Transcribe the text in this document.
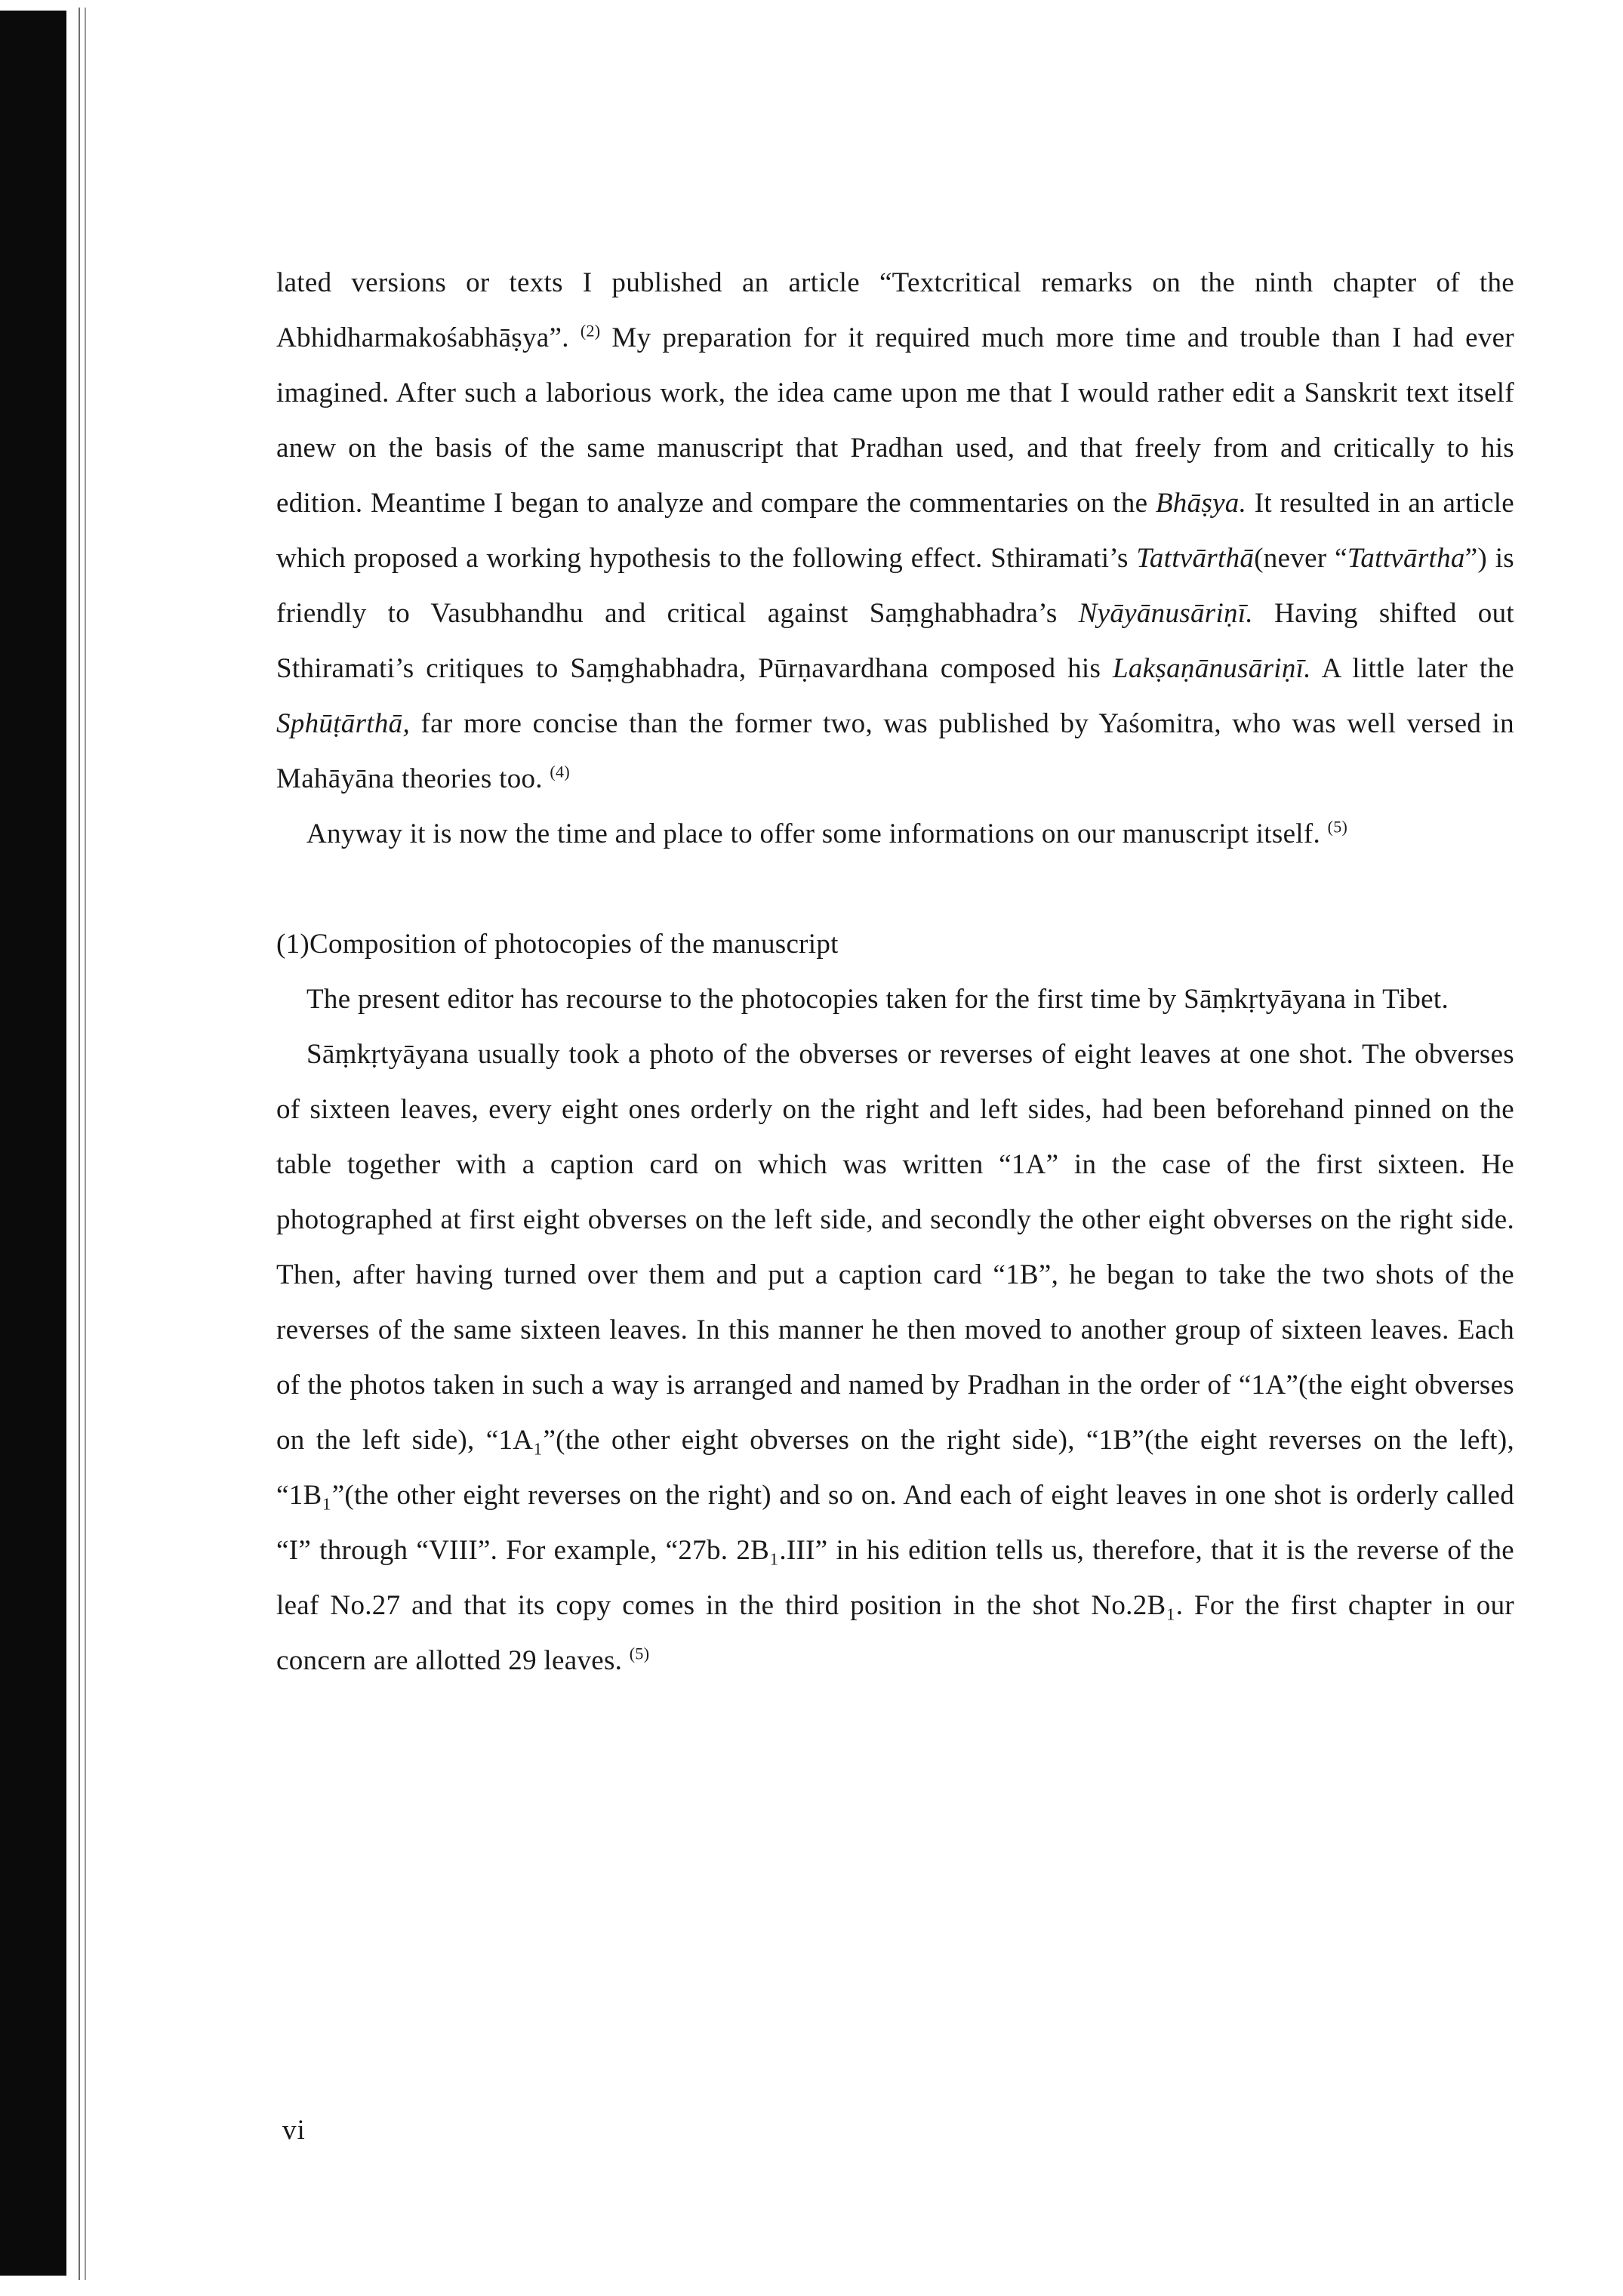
lated versions or texts I published an article “Textcritical remarks on the ninth chapter of the Abhidharmakośabhāṣya”. $^{(2)}$ My preparation for it required much more time and trouble than I had ever imagined. After such a laborious work, the idea came upon me that I would rather edit a Sanskrit text itself anew on the basis of the same manuscript that Pradhan used, and that freely from and critically to his edition. Meantime I began to analyze and compare the commentaries on the Bhāṣya. It resulted in an article which proposed a working hypothesis to the following effect. Sthiramati’s Tattvārthā(never “Tattvārtha”) is friendly to Vasubhandhu and critical against Saṃghabhadra’s Nyāyānusāriṇī. Having shifted out Sthiramati’s critiques to Saṃghabhadra, Pūrṇavardhana composed his Lakṣaṇānusāriṇī. A little later the Sphūṭārthā, far more concise than the former two, was published by Yaśomitra, who was well versed in Mahāyāna theories too. $^{(4)}$

Anyway it is now the time and place to offer some informations on our manuscript itself. $^{(5)}$

(1)Composition of photocopies of the manuscript

The present editor has recourse to the photocopies taken for the first time by Sāṃkṛtyāyana in Tibet.

Sāṃkṛtyāyana usually took a photo of the obverses or reverses of eight leaves at one shot. The obverses of sixteen leaves, every eight ones orderly on the right and left sides, had been beforehand pinned on the table together with a caption card on which was written “1A” in the case of the first sixteen. He photographed at first eight obverses on the left side, and secondly the other eight obverses on the right side. Then, after having turned over them and put a caption card “1B”, he began to take the two shots of the reverses of the same sixteen leaves. In this manner he then moved to another group of sixteen leaves. Each of the photos taken in such a way is arranged and named by Pradhan in the order of “1A”(the eight obverses on the left side), “1A₁”(the other eight obverses on the right side), “1B”(the eight reverses on the left), “1B₁”(the other eight reverses on the right) and so on. And each of eight leaves in one shot is orderly called “I” through “VIII”. For example, “27b. 2B₁.III” in his edition tells us, therefore, that it is the reverse of the leaf No.27 and that its copy comes in the third position in the shot No.2B₁. For the first chapter in our concern are allotted 29 leaves. $^{(5)}$

vi
